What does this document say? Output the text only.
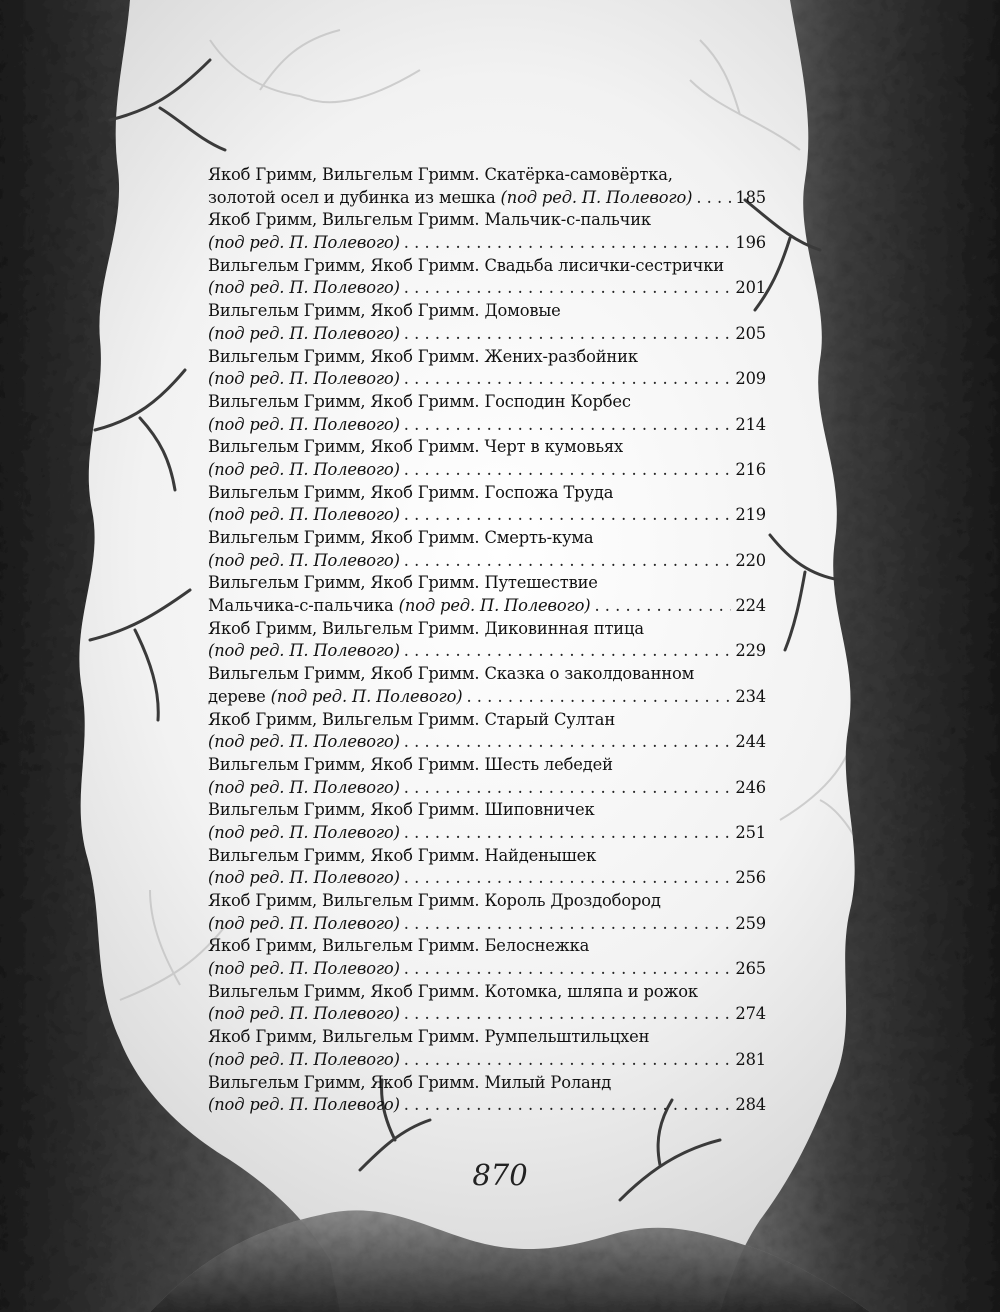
Якоб Гримм, Вильгельм Гримм. Скатёрка-самовёртка,
золотой осел и дубинка из мешка (под ред. П. Полевого) . . .	185
Якоб Гримм, Вильгельм Гримм. Мальчик-с-пальчик
(под ред. П. Полевого) . . .	196
Вильгельм Гримм, Якоб Гримм. Свадьба лисички-сестрички
(под ред. П. Полевого) . . .	201
Вильгельм Гримм, Якоб Гримм. Домовые
(под ред. П. Полевого) . . .	205
Вильгельм Гримм, Якоб Гримм. Жених-разбойник
(под ред. П. Полевого) . . .	209
Вильгельм Гримм, Якоб Гримм. Господин Корбес
(под ред. П. Полевого) . . .	214
Вильгельм Гримм, Якоб Гримм. Черт в кумовьях
(под ред. П. Полевого) . . .	216
Вильгельм Гримм, Якоб Гримм. Госпожа Труда
(под ред. П. Полевого) . . .	219
Вильгельм Гримм, Якоб Гримм. Смерть-кума
(под ред. П. Полевого) . . .	220
Вильгельм Гримм, Якоб Гримм. Путешествие
Мальчика-с-пальчика (под ред. П. Полевого) . . .	224
Якоб Гримм, Вильгельм Гримм. Диковинная птица
(под ред. П. Полевого) . . .	229
Вильгельм Гримм, Якоб Гримм. Сказка о заколдованном
дереве (под ред. П. Полевого) . . .	234
Якоб Гримм, Вильгельм Гримм. Старый Султан
(под ред. П. Полевого) . . .	244
Вильгельм Гримм, Якоб Гримм. Шесть лебедей
(под ред. П. Полевого) . . .	246
Вильгельм Гримм, Якоб Гримм. Шиповничек
(под ред. П. Полевого) . . .	251
Вильгельм Гримм, Якоб Гримм. Найденышек
(под ред. П. Полевого) . . .	256
Якоб Гримм, Вильгельм Гримм. Король Дроздобород
(под ред. П. Полевого) . . .	259
Якоб Гримм, Вильгельм Гримм. Белоснежка
(под ред. П. Полевого) . . .	265
Вильгельм Гримм, Якоб Гримм. Котомка, шляпа и рожок
(под ред. П. Полевого) . . .	274
Якоб Гримм, Вильгельм Гримм. Румпельштильцхен
(под ред. П. Полевого) . . .	281
Вильгельм Гримм, Якоб Гримм. Милый Роланд
(под ред. П. Полевого) . . .	284
870
